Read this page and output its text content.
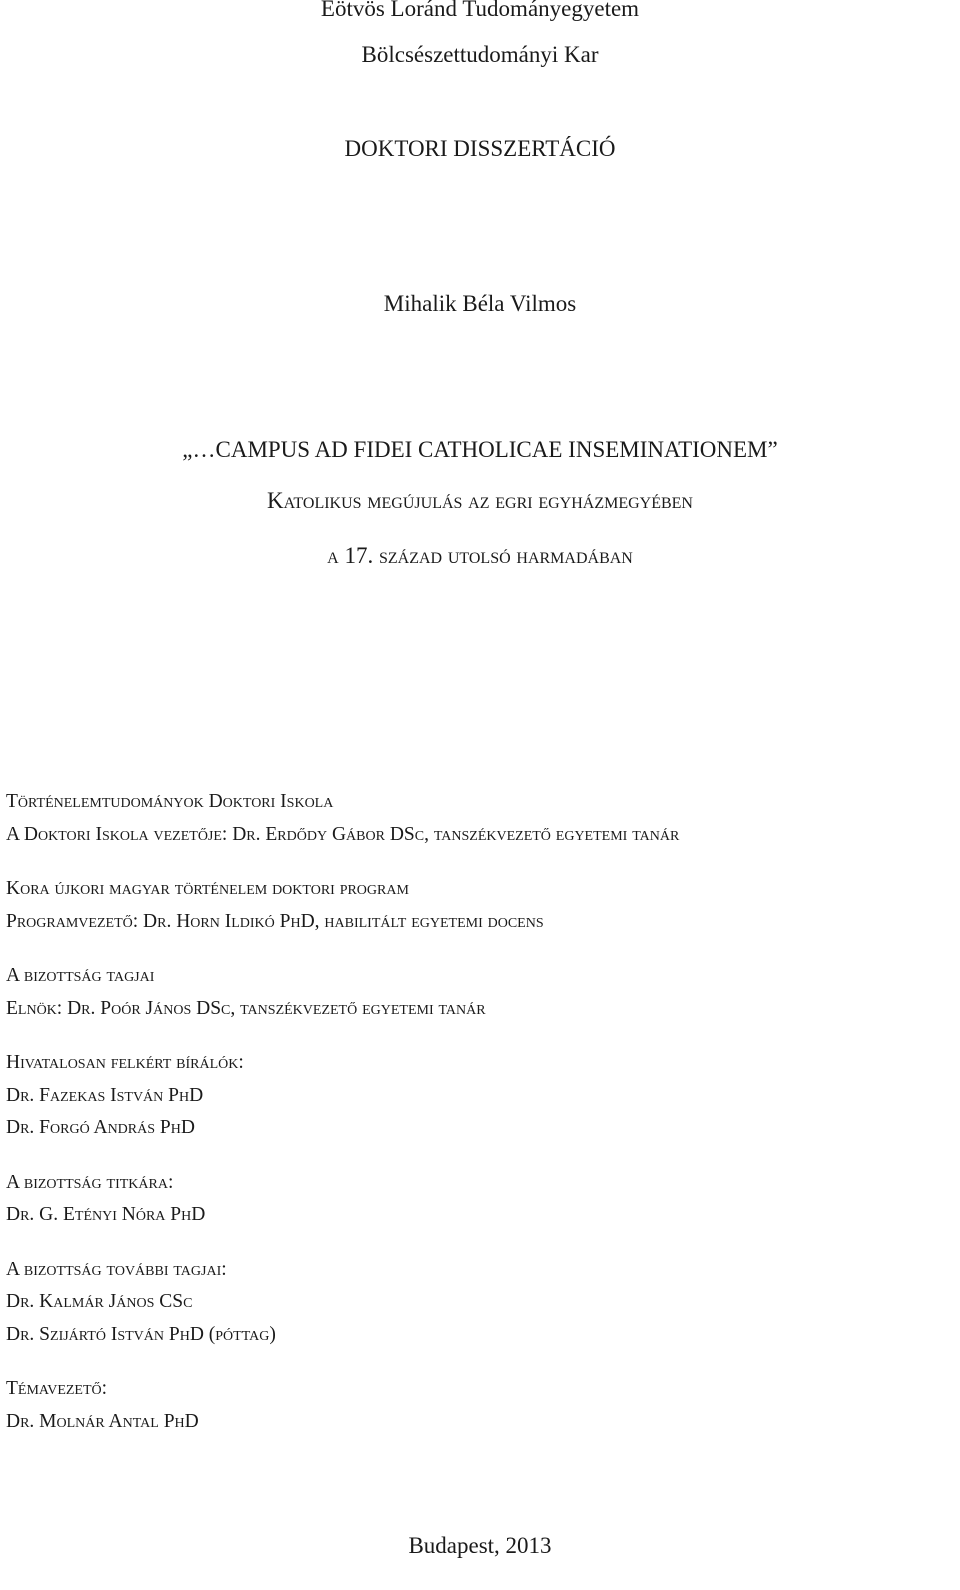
Eötvös Loránd Tudományegyetem
Bölcsészettudományi Kar
DOKTORI DISSZERTÁCIÓ
Mihalik Béla Vilmos
„…CAMPUS AD FIDEI CATHOLICAE INSEMINATIONEM”
Katolikus megújulás az egri egyházmegyében
a 17. század utolsó harmadában
Történelemtudományok Doktori Iskola
A Doktori Iskola vezetője: Dr. Erdődy Gábor DSc, tanszékvezető egyetemi tanár
Kora újkori magyar történelem doktori program
Programvezető: Dr. Horn Ildikó PhD, habilitált egyetemi docens
A bizottság tagjai
Elnök: Dr. Poór János DSc, tanszékvezető egyetemi tanár
Hivatalosan felkért bírálók:
Dr. Fazekas István PhD
Dr. Forgó András PhD
A bizottság titkára:
Dr. G. Etényi Nóra PhD
A bizottság további tagjai:
Dr. Kalmár János CSc
Dr. Szijártó István PhD (póttag)
Témavezető:
Dr. Molnár Antal PhD
Budapest, 2013
